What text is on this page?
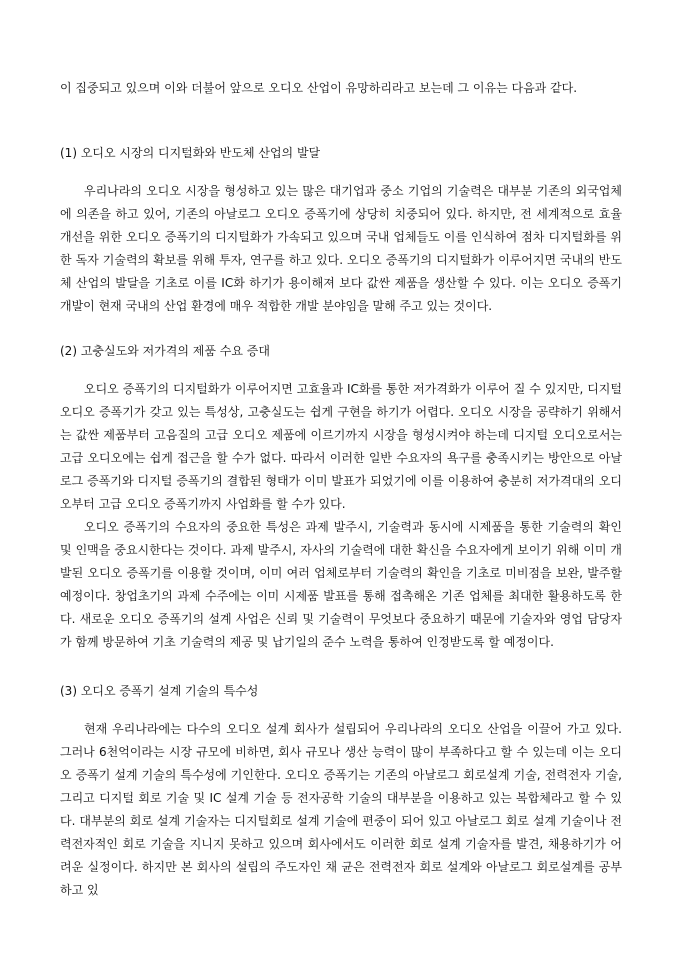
이 집중되고 있으며 이와 더불어 앞으로 오디오 산업이 유망하리라고 보는데 그 이유는 다음과 같다.

(1) 오디오 시장의 디지털화와 반도체 산업의 발달

우리나라의 오디오 시장을 형성하고 있는 많은 대기업과 중소 기업의 기술력은 대부분 기존의 외국업체에 의존을 하고 있어, 기존의 아날로그 오디오 증폭기에 상당히 치중되어 있다. 하지만, 전 세계적으로 효율 개선을 위한 오디오 증폭기의 디지털화가 가속되고 있으며 국내 업체들도 이를 인식하여 점차 디지털화를 위한 독자 기술력의 확보를 위해 투자, 연구를 하고 있다. 오디오 증폭기의 디지털화가 이루어지면 국내의 반도체 산업의 발달을 기초로 이를 IC화 하기가 용이해져 보다 값싼 제품을 생산할 수 있다. 이는 오디오 증폭기개발이 현재 국내의 산업 환경에 매우 적합한 개발 분야임을 말해 주고 있는 것이다.

(2) 고충실도와 저가격의 제품 수요 증대

오디오 증폭기의 디지털화가 이루어지면 고효율과 IC화를 통한 저가격화가 이루어 질 수 있지만, 디지털 오디오 증폭기가 갖고 있는 특성상, 고충실도는 쉽게 구현을 하기가 어렵다. 오디오 시장을 공략하기 위해서는 값싼 제품부터 고음질의 고급 오디오 제품에 이르기까지 시장을 형성시켜야 하는데 디지털 오디오로서는 고급 오디오에는 쉽게 접근을 할 수가 없다. 따라서 이러한 일반 수요자의 욕구를 충족시키는 방안으로 아날로그 증폭기와 디지털 증폭기의 결합된 형태가 이미 발표가 되었기에 이를 이용하여 충분히 저가격대의 오디오부터 고급 오디오 증폭기까지 사업화를 할 수가 있다.

오디오 증폭기의 수요자의 중요한 특성은 과제 발주시, 기술력과 동시에 시제품을 통한 기술력의 확인 및 인맥을 중요시한다는 것이다. 과제 발주시, 자사의 기술력에 대한 확신을 수요자에게 보이기 위해 이미 개발된 오디오 증폭기를 이용할 것이며, 이미 여러 업체로부터 기술력의 확인을 기초로 미비점을 보완, 발주할 예정이다. 창업초기의 과제 수주에는 이미 시제품 발표를 통해 접촉해온 기존 업체를 최대한 활용하도록 한다. 새로운 오디오 증폭기의 설계 사업은 신뢰 및 기술력이 무엇보다 중요하기 때문에 기술자와 영업 담당자가 함께 방문하여 기초 기술력의 제공 및 납기일의 준수 노력을 통하여 인정받도록 할 예정이다.

(3) 오디오 증폭기 설계 기술의 특수성

현재 우리나라에는 다수의 오디오 설계 회사가 설립되어 우리나라의 오디오 산업을 이끌어 가고 있다. 그러나 6천억이라는 시장 규모에 비하면, 회사 규모나 생산 능력이 많이 부족하다고 할 수 있는데 이는 오디오 증폭기 설계 기술의 특수성에 기인한다. 오디오 증폭기는 기존의 아날로그 회로설계 기술, 전력전자 기술, 그리고 디지털 회로 기술 및 IC 설계 기술 등 전자공학 기술의 대부분을 이용하고 있는 복합체라고 할 수 있다. 대부분의 회로 설계 기술자는 디지털회로 설계 기술에 편중이 되어 있고 아날로그 회로 설계 기술이나 전력전자적인 회로 기술을 지니지 못하고 있으며 회사에서도 이러한 회로 설계 기술자를 발견, 채용하기가 어려운 실정이다. 하지만 본 회사의 설립의 주도자인 채 균은 전력전자 회로 설계와 아날로그 회로설계를 공부하고 있
